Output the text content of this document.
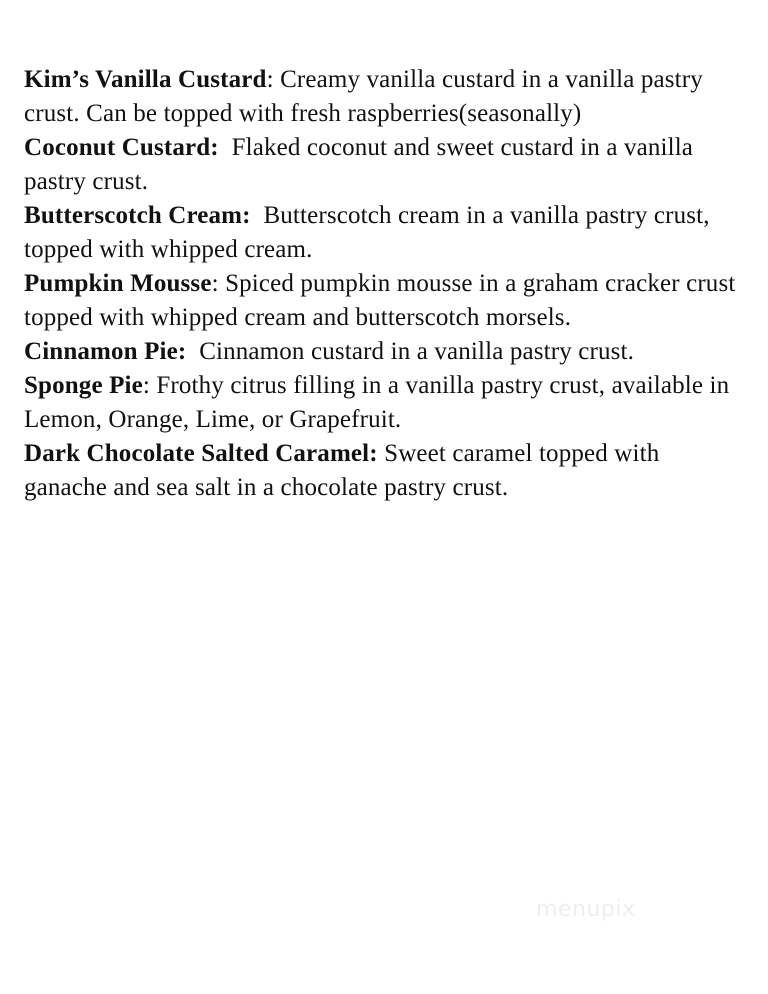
Kim’s Vanilla Custard: Creamy vanilla custard in a vanilla pastry crust. Can be topped with fresh raspberries(seasonally)

Coconut Custard: Flaked coconut and sweet custard in a vanilla pastry crust.

Butterscotch Cream: Butterscotch cream in a vanilla pastry crust, topped with whipped cream.

Pumpkin Mousse: Spiced pumpkin mousse in a graham cracker crust topped with whipped cream and butterscotch morsels.

Cinnamon Pie: Cinnamon custard in a vanilla pastry crust.

Sponge Pie: Frothy citrus filling in a vanilla pastry crust, available in Lemon, Orange, Lime, or Grapefruit.

Dark Chocolate Salted Caramel: Sweet caramel topped with ganache and sea salt in a chocolate pastry crust.

menupix
